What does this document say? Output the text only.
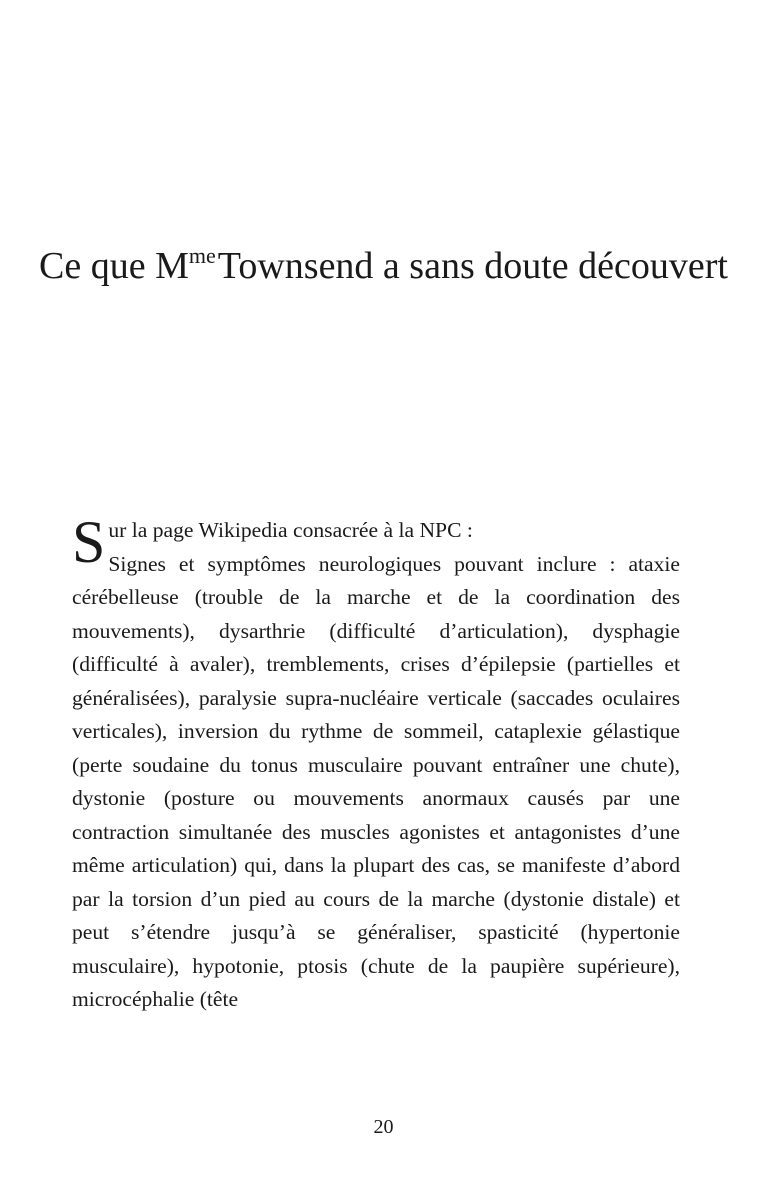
Ce que $M^{me}Townsend$ a sans doute découvert
S ur la page Wikipedia consacrée à la NPC :
Signes et symptômes neurologiques pouvant inclure : ataxie cérébelleuse (trouble de la marche et de la coordination des mouvements), dysarthrie (difficulté d’articulation), dysphagie (difficulté à avaler), tremblements, crises d’épilepsie (partielles et généralisées), paralysie supra-nucléaire verticale (saccades oculaires verticales), inversion du rythme de sommeil, cataplexie gélastique (perte soudaine du tonus musculaire pouvant entraîner une chute), dystonie (posture ou mouvements anormaux causés par une contraction simultanée des muscles agonistes et antagonistes d’une même articulation) qui, dans la plupart des cas, se manifeste d’abord par la torsion d’un pied au cours de la marche (dystonie distale) et peut s’étendre jusqu’à se généraliser, spasticité (hypertonie musculaire), hypotonie, ptosis (chute de la paupière supérieure), microcéphalie (tête
20
